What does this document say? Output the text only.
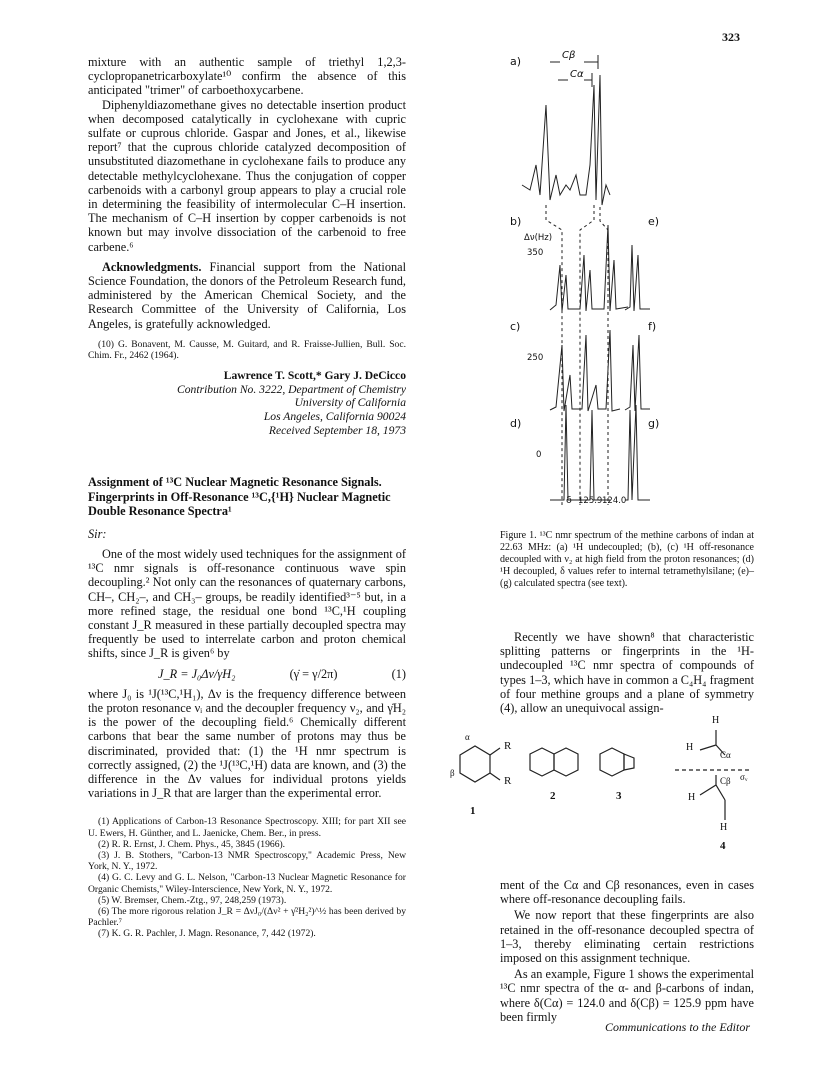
323

mixture with an authentic sample of triethyl 1,2,3-cyclopropanetricarboxylate¹⁰ confirm the absence of this anticipated "trimer" of carboethoxycarbene.

Diphenyldiazomethane gives no detectable insertion product when decomposed catalytically in cyclohexane with cupric sulfate or cuprous chloride. Gaspar and Jones, et al., likewise report⁷ that the cuprous chloride catalyzed decomposition of unsubstituted diazomethane in cyclohexane fails to produce any detectable methylcyclohexane. Thus the conjugation of copper carbenoids with a carbonyl group appears to play a crucial role in determining the feasibility of intermolecular C–H insertion. The mechanism of C–H insertion by copper carbenoids is not known but may involve dissociation of the carbenoid to free carbene.⁶

Acknowledgments. Financial support from the National Science Foundation, the donors of the Petroleum Research fund, administered by the American Chemical Society, and the Research Committee of the University of California, Los Angeles, is gratefully acknowledged.

(10) G. Bonavent, M. Causse, M. Guitard, and R. Fraisse-Jullien, Bull. Soc. Chim. Fr., 2462 (1964).

Lawrence T. Scott,* Gary J. DeCicco
Contribution No. 3222, Department of Chemistry
University of California
Los Angeles, California 90024
Received September 18, 1973

Assignment of ¹³C Nuclear Magnetic Resonance Signals. Fingerprints in Off-Resonance ¹³C,{¹H} Nuclear Magnetic Double Resonance Spectra¹

Sir:

One of the most widely used techniques for the assignment of ¹³C nmr signals is off-resonance continuous wave spin decoupling.² Not only can the resonances of quaternary carbons, CH–, CH₂–, and CH₃– groups, be readily identified³⁻⁵ but, in a more refined stage, the residual one bond ¹³C,¹H coupling constant J_R measured in these partially decoupled spectra may frequently be used to interrelate carbon and proton chemical shifts, since J_R is given⁶ by

J_R = J₀Δν/γ̇H₂	(γ̇ = γ/2π)	(1)

where J₀ is ¹J(¹³C,¹H₁), Δν is the frequency difference between the proton resonance νᵢ and the decoupler frequency ν₂, and γ̇H₂ is the power of the decoupling field.⁶ Chemically different carbons that bear the same number of protons may thus be discriminated, provided that: (1) the ¹H nmr spectrum is correctly assigned, (2) the ¹J(¹³C,¹H) data are known, and (3) the difference in the Δν values for individual protons yields variations in J_R that are larger than the experimental error.

(1) Applications of Carbon-13 Resonance Spectroscopy. XIII; for part XII see U. Ewers, H. Günther, and L. Jaenicke, Chem. Ber., in press.

(2) R. R. Ernst, J. Chem. Phys., 45, 3845 (1966).

(3) J. B. Stothers, "Carbon-13 NMR Spectroscopy," Academic Press, New York, N. Y., 1972.

(4) G. C. Levy and G. L. Nelson, "Carbon-13 Nuclear Magnetic Resonance for Organic Chemists," Wiley-Interscience, New York, N. Y., 1972.

(5) W. Bremser, Chem.-Ztg., 97, 248,259 (1973).

(6) The more rigorous relation J_R = ΔνJ₀/(Δν² + γ̇²H₂²)^½ has been derived by Pachler.⁷

(7) K. G. R. Pachler, J. Magn. Resonance, 7, 442 (1972).

a)
b)
c)
d)
e)
f)
g)
Δν(Hz)
350
250
0
Cβ
Cα
δ 125.9 124.0
Figure 1. ¹³C nmr spectrum of the methine carbons of indan at 22.63 MHz: (a) ¹H undecoupled; (b), (c) ¹H off-resonance decoupled with ν₂ at high field from the proton resonances; (d) ¹H decoupled, δ values refer to internal tetramethylsilane; (e)–(g) calculated spectra (see text).

Recently we have shown⁸ that characteristic splitting patterns or fingerprints in the ¹H-undecoupled ¹³C nmr spectra of compounds of types 1–3, which have in common a C₄H₄ fragment of four methine groups and a plane of symmetry (4), allow an unequivocal assign-

R
R
α
β
1
2	3
H
H
Cα
Cβ σᵥ
H
H
4

ment of the Cα and Cβ resonances, even in cases where off-resonance decoupling fails.

We now report that these fingerprints are also retained in the off-resonance decoupled spectra of 1–3, thereby eliminating certain restrictions imposed on this assignment technique.

As an example, Figure 1 shows the experimental ¹³C nmr spectra of the α- and β-carbons of indan, where δ(Cα) = 124.0 and δ(Cβ) = 125.9 ppm have been firmly

Communications to the Editor
